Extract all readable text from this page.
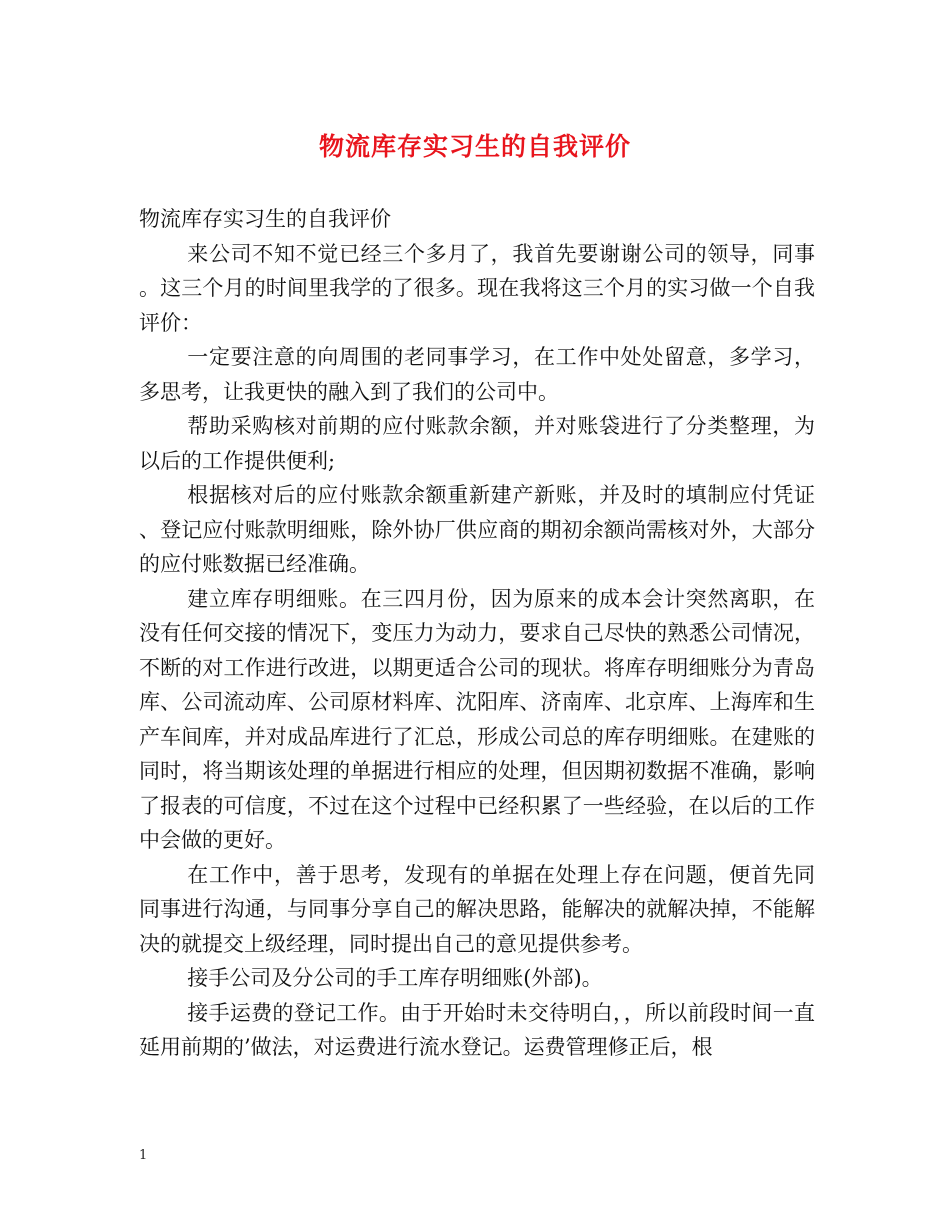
物流库存实习生的自我评价

物流库存实习生的自我评价

来公司不知不觉已经三个多月了，我首先要谢谢公司的领导，同事。这三个月的时间里我学的了很多。现在我将这三个月的实习做一个自我评价：

一定要注意的向周围的老同事学习，在工作中处处留意，多学习，多思考，让我更快的融入到了我们的公司中。

帮助采购核对前期的应付账款余额，并对账袋进行了分类整理，为以后的工作提供便利;

根据核对后的应付账款余额重新建产新账，并及时的填制应付凭证、登记应付账款明细账，除外协厂供应商的期初余额尚需核对外，大部分的应付账数据已经准确。

建立库存明细账。在三四月份，因为原来的成本会计突然离职，在没有任何交接的情况下，变压力为动力，要求自己尽快的熟悉公司情况，不断的对工作进行改进，以期更适合公司的现状。将库存明细账分为青岛库、公司流动库、公司原材料库、沈阳库、济南库、北京库、上海库和生产车间库，并对成品库进行了汇总，形成公司总的库存明细账。在建账的同时，将当期该处理的单据进行相应的处理，但因期初数据不准确，影响了报表的可信度，不过在这个过程中已经积累了一些经验，在以后的工作中会做的更好。

在工作中，善于思考，发现有的单据在处理上存在问题，便首先同同事进行沟通，与同事分享自己的解决思路，能解决的就解决掉，不能解决的就提交上级经理，同时提出自己的意见提供参考。

接手公司及分公司的手工库存明细账(外部)。

接手运费的登记工作。由于开始时未交待明白，，所以前段时间一直延用前期的’做法，对运费进行流水登记。运费管理修正后，根

1
